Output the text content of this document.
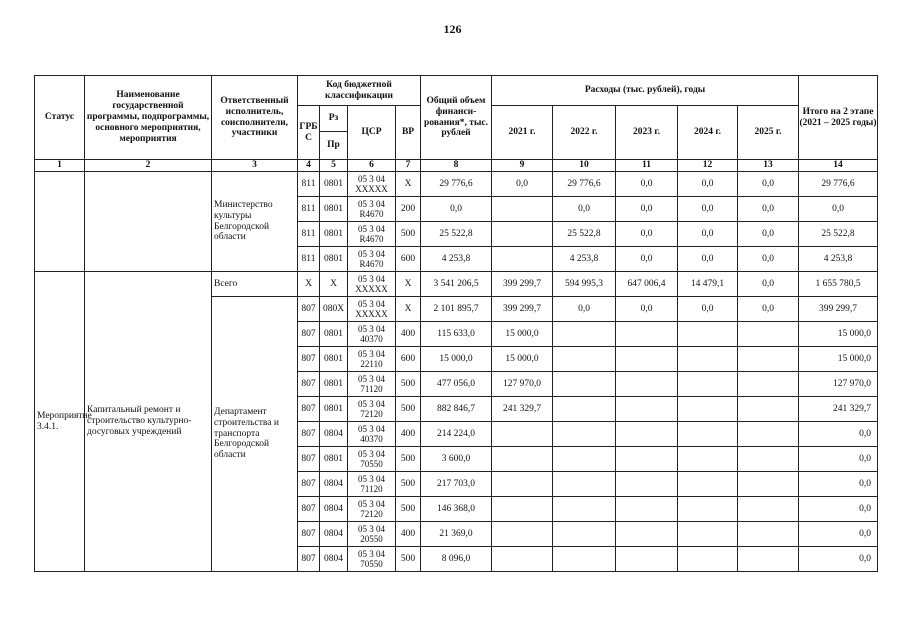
126
Статус	Наименование государственной программы, подпрограммы, основного мероприятия, мероприятия	Ответственный исполнитель, соисполнители, участники	Код бюджетной классификации				Общий объем финанси-рования*, тыс. рублей	Расходы (тыс. рублей), годы					Итого на 2 этапе (2021 – 2025 годы)
			ГРБ С	Рз	ЦСР	ВР		2021 г.	2022 г.	2023 г.	2024 г.	2025 г.	
				Пр									
1	2	3	4	5	6	7	8	9	10	11	12	13	14
		Министерство культуры Белгородской области	811	0801	05 3 04 XXXXX	X	29 776,6	0,0	29 776,6	0,0	0,0	0,0	29 776,6
			811	0801	05 3 04 R4670	200	0,0		0,0	0,0	0,0	0,0	0,0
			811	0801	05 3 04 R4670	500	25 522,8		25 522,8	0,0	0,0	0,0	25 522,8
			811	0801	05 3 04 R4670	600	4 253,8		4 253,8	0,0	0,0	0,0	4 253,8
Мероприятие 3.4.1.	Капитальный ремонт и строительство культурно-досуговых учреждений	Всего	X	X	05 3 04 XXXXX	X	3 541 206,5	399 299,7	594 995,3	647 006,4	14 479,1	0,0	1 655 780,5
		Департамент строительства и транспорта Белгородской области	807	080X	05 3 04 XXXXX	X	2 101 895,7	399 299,7	0,0	0,0	0,0	0,0	399 299,7
			807	0801	05 3 04 40370	400	115 633,0	15 000,0					15 000,0
			807	0801	05 3 04 22110	600	15 000,0	15 000,0					15 000,0
			807	0801	05 3 04 71120	500	477 056,0	127 970,0					127 970,0
			807	0801	05 3 04 72120	500	882 846,7	241 329,7					241 329,7
			807	0804	05 3 04 40370	400	214 224,0						0,0
			807	0801	05 3 04 70550	500	3 600,0						0,0
			807	0804	05 3 04 71120	500	217 703,0						0,0
			807	0804	05 3 04 72120	500	146 368,0						0,0
			807	0804	05 3 04 20550	400	21 369,0						0,0
			807	0804	05 3 04 70550	500	8 096,0						0,0
